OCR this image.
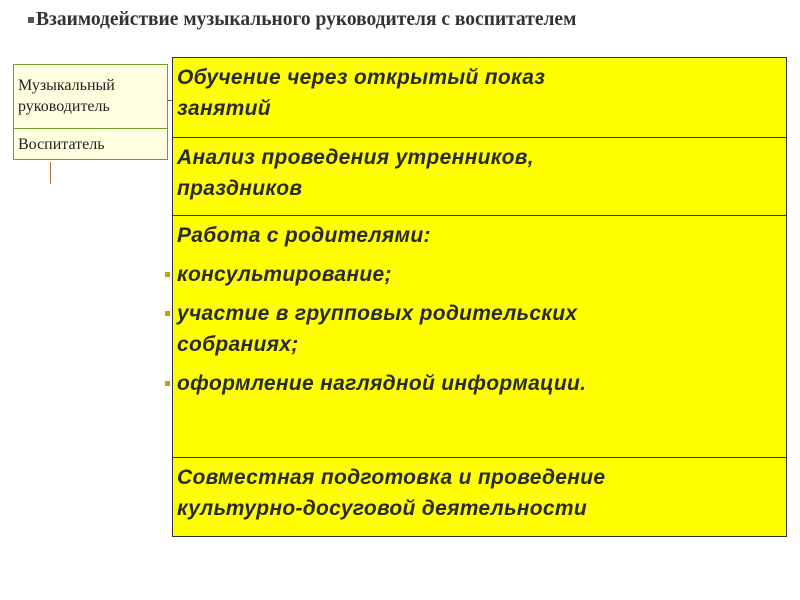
Взаимодействие музыкального руководителя с воспитателем
Музыкальный
руководитель
Воспитатель
Обучение через открытый показ
занятий
Анализ проведения утренников,
праздников
Работа с родителями:
консультирование;
участие в групповых родительских
собраниях;
оформление наглядной информации.
Совместная подготовка и проведение
культурно-досуговой деятельности
